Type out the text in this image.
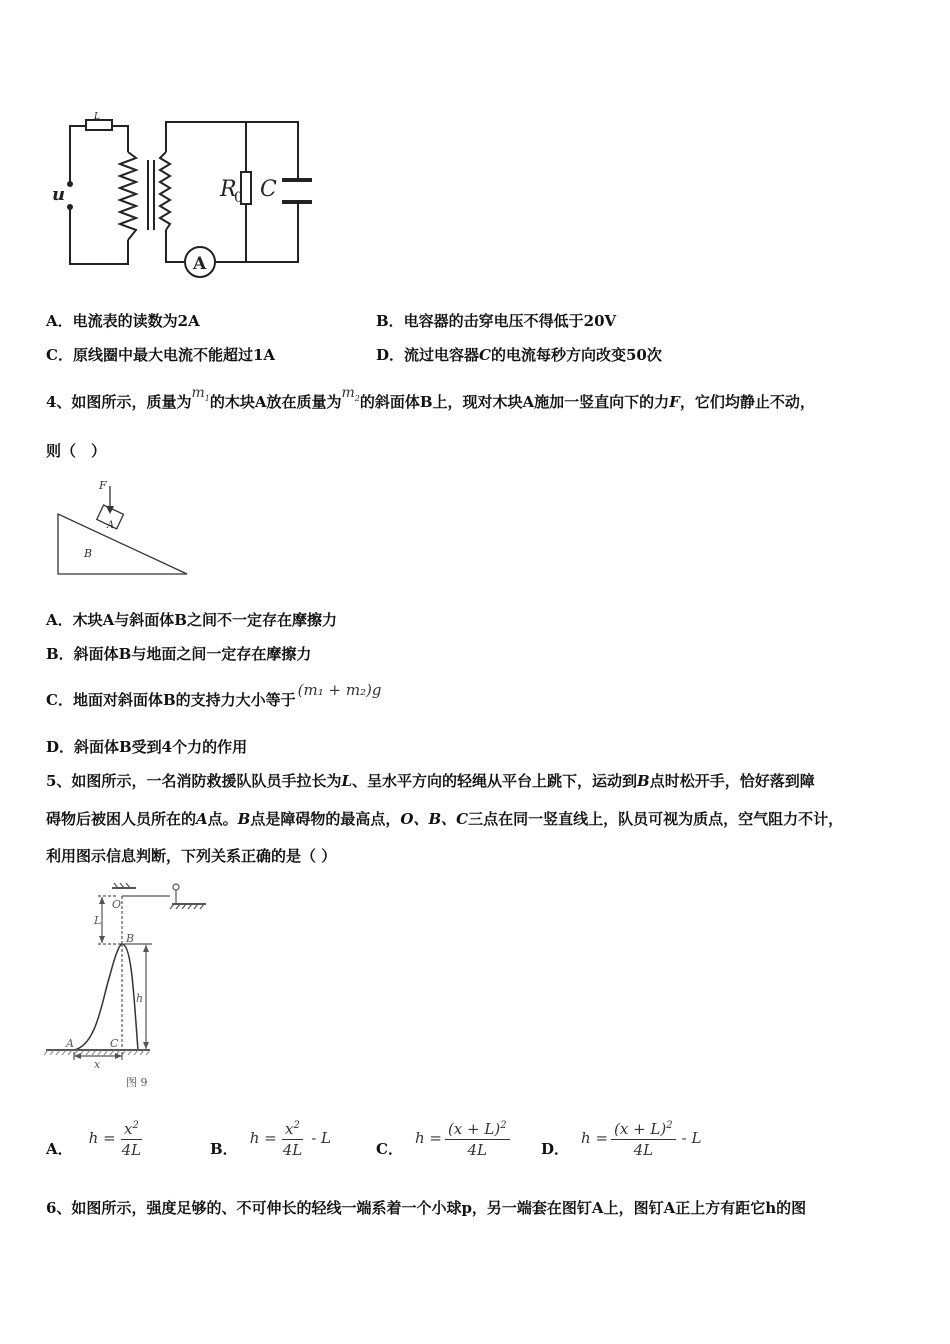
L
u	R
0 C
A
A．电流表的读数为2A	B．电容器的击穿电压不得低于20V
C．原线圈中最大电流不能超过1A	D．流过电容器C的电流每秒方向改变50次
4、如图所示，质量为$m_1$的木块A放在质量为$m_2$的斜面体B上，现对木块A施加一竖直向下的力F，它们均静止不动，
则（　）
F
A
B
A．木块A与斜面体B之间不一定存在摩擦力
B．斜面体B与地面之间一定存在摩擦力
C．地面对斜面体B的支持力大小等于(m₁ + m₂)g
D．斜面体B受到4个力的作用
5、如图所示，一名消防救援队队员手拉长为L、呈水平方向的轻绳从平台上跳下，运动到B点时松开手，恰好落到障
碍物后被困人员所在的A点。B点是障碍物的最高点，O、B、C三点在同一竖直线上，队员可视为质点，空气阻力不计，
利用图示信息判断，下列关系正确的是（ ）
O
L
B
h
A	C
x
图 9
A．
$h = \frac{x^2}{4L}$	B．
$h = \frac{x^2}{4L} - L$
C．
$h = \frac{(x + L)^2}{4L}$ D．
$h = \frac{(x + L)^2}{4L} - L$
6、如图所示，强度足够的、不可伸长的轻线一端系着一个小球p，另一端套在图钉A上，图钉A正上方有距它h的图
